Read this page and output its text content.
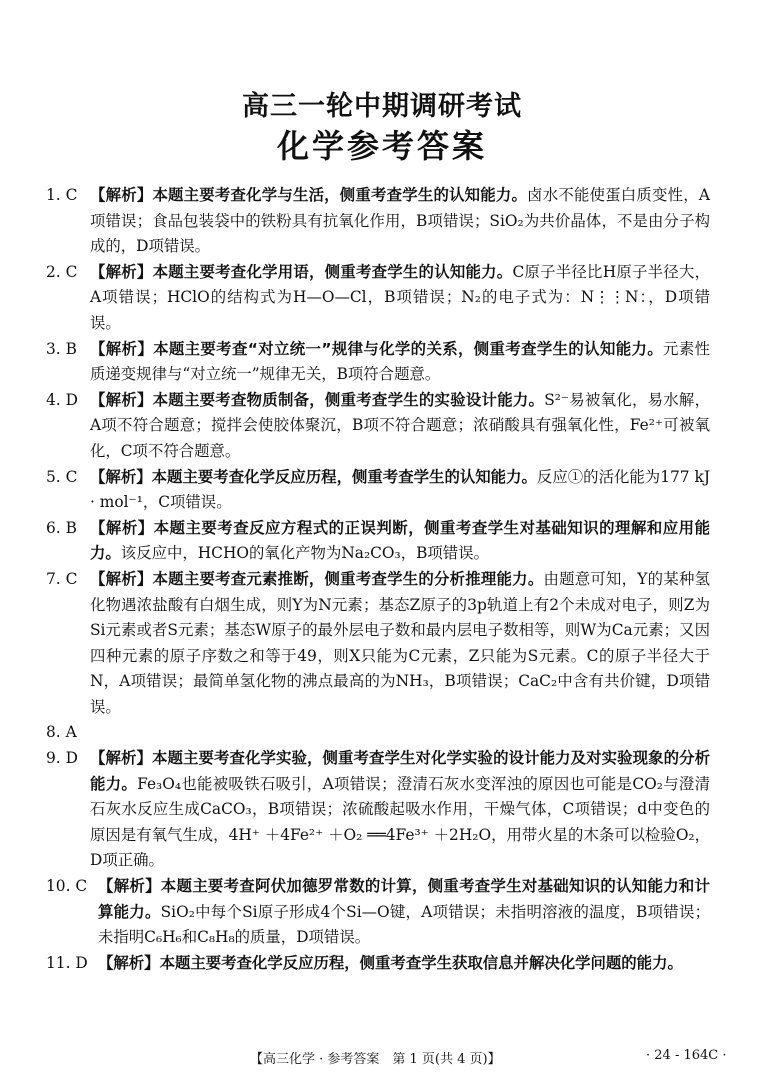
高三一轮中期调研考试
化学参考答案
1. C 【解析】本题主要考查化学与生活，侧重考查学生的认知能力。卤水不能使蛋白质变性，A项错误；食品包装袋中的铁粉具有抗氧化作用，B项错误；SiO₂为共价晶体，不是由分子构成的，D项错误。
2. C 【解析】本题主要考查化学用语，侧重考查学生的认知能力。C原子半径比H原子半径大，A项错误；HClO的结构式为H—O—Cl，B项错误；N₂的电子式为：N⋮⋮N：，D项错误。
3. B 【解析】本题主要考查“对立统一”规律与化学的关系，侧重考查学生的认知能力。元素性质递变规律与“对立统一”规律无关，B项符合题意。
4. D 【解析】本题主要考查物质制备，侧重考查学生的实验设计能力。S²⁻易被氧化，易水解，A项不符合题意；搅拌会使胶体聚沉，B项不符合题意；浓硝酸具有强氧化性，Fe²⁺可被氧化，C项不符合题意。
5. C 【解析】本题主要考查化学反应历程，侧重考查学生的认知能力。反应①的活化能为177 kJ · mol⁻¹，C项错误。
6. B 【解析】本题主要考查反应方程式的正误判断，侧重考查学生对基础知识的理解和应用能力。该反应中，HCHO的氧化产物为Na₂CO₃，B项错误。
7. C 【解析】本题主要考查元素推断，侧重考查学生的分析推理能力。由题意可知，Y的某种氢化物遇浓盐酸有白烟生成，则Y为N元素；基态Z原子的3p轨道上有2个未成对电子，则Z为Si元素或者S元素；基态W原子的最外层电子数和最内层电子数相等，则W为Ca元素；又因四种元素的原子序数之和等于49，则X只能为C元素，Z只能为S元素。C的原子半径大于N，A项错误；最简单氢化物的沸点最高的为NH₃，B项错误；CaC₂中含有共价键，D项错误。
8. A

9. D 【解析】本题主要考查化学实验，侧重考查学生对化学实验的设计能力及对实验现象的分析能力。Fe₃O₄也能被吸铁石吸引，A项错误；澄清石灰水变浑浊的原因也可能是CO₂与澄清石灰水反应生成CaCO₃，B项错误；浓硫酸起吸水作用，干燥气体，C项错误；d中变色的原因是有氧气生成，4H⁺ ＋4Fe²⁺ ＋O₂ ══4Fe³⁺ ＋2H₂O，用带火星的木条可以检验O₂，D项正确。
10. C 【解析】本题主要考查阿伏加德罗常数的计算，侧重考查学生对基础知识的认知能力和计算能力。SiO₂中每个Si原子形成4个Si—O键，A项错误；未指明溶液的温度，B项错误；未指明C₆H₆和C₈H₈的质量，D项错误。
11. D 【解析】本题主要考查化学反应历程，侧重考查学生获取信息并解决化学问题的能力。
【高三化学 · 参考答案　第 1 页(共 4 页)】	· 24 - 164C ·
